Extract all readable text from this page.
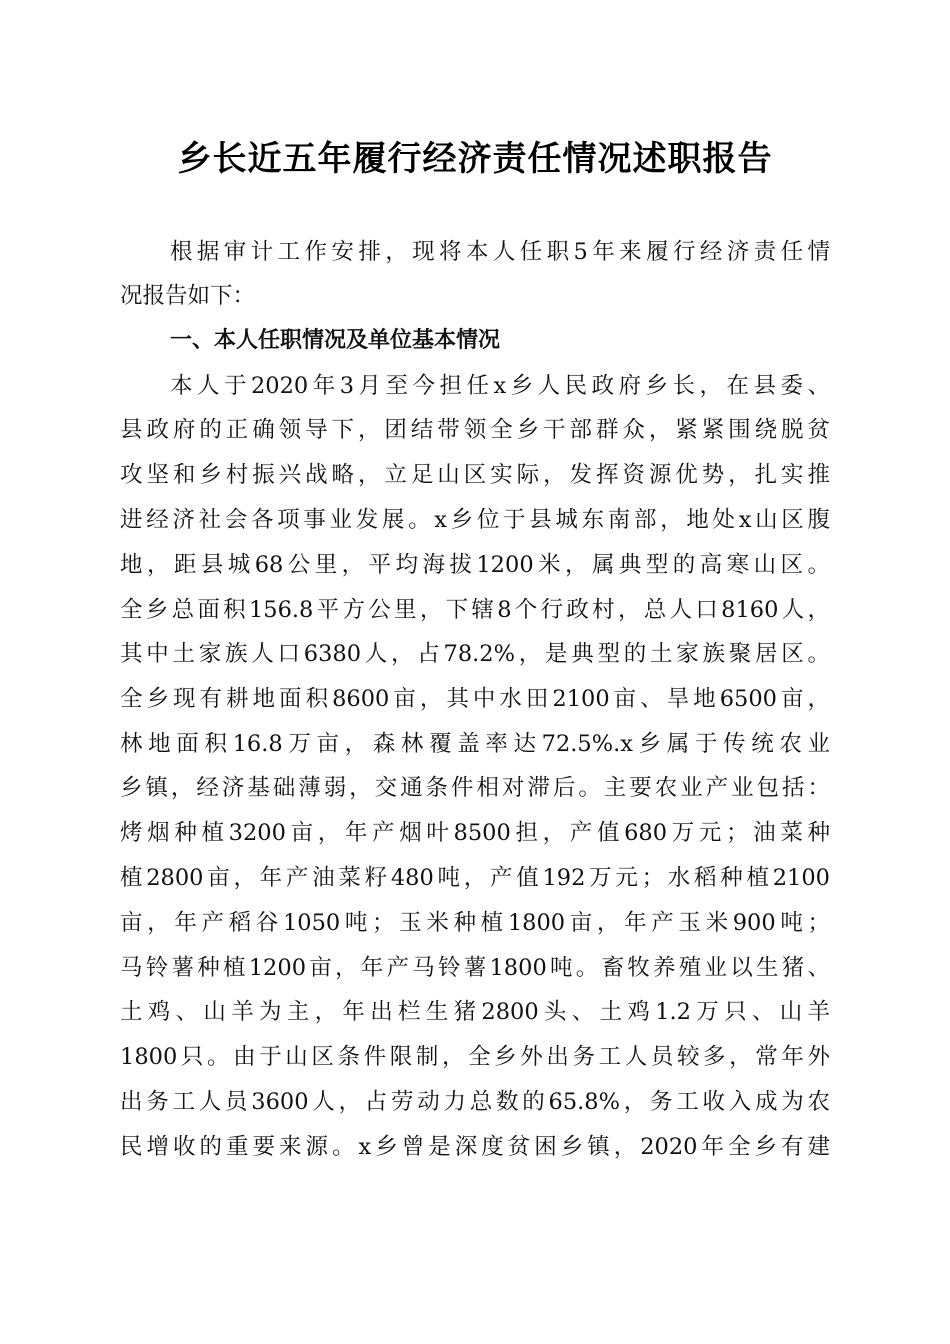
乡长近五年履行经济责任情况述职报告
根据审计工作安排，现将本人任职5年来履行经济责任情
况报告如下：
一、本人任职情况及单位基本情况
本人于2020年3月至今担任x乡人民政府乡长，在县委、
县政府的正确领导下，团结带领全乡干部群众，紧紧围绕脱贫
攻坚和乡村振兴战略，立足山区实际，发挥资源优势，扎实推
进经济社会各项事业发展。x乡位于县城东南部，地处x山区腹
地，距县城68公里，平均海拔1200米，属典型的高寒山区。
全乡总面积156.8平方公里，下辖8个行政村，总人口8160人，
其中土家族人口6380人，占78.2%，是典型的土家族聚居区。
全乡现有耕地面积8600亩，其中水田2100亩、旱地6500亩，
林地面积16.8万亩，森林覆盖率达72.5%.x乡属于传统农业
乡镇，经济基础薄弱，交通条件相对滞后。主要农业产业包括：
烤烟种植3200亩，年产烟叶8500担，产值680万元；油菜种
植2800亩，年产油菜籽480吨，产值192万元；水稻种植2100
亩，年产稻谷1050吨；玉米种植1800亩，年产玉米900吨；
马铃薯种植1200亩，年产马铃薯1800吨。畜牧养殖业以生猪、
土鸡、山羊为主，年出栏生猪2800头、土鸡1.2万只、山羊
1800只。由于山区条件限制，全乡外出务工人员较多，常年外
出务工人员3600人，占劳动力总数的65.8%，务工收入成为农
民增收的重要来源。x乡曾是深度贫困乡镇，2020年全乡有建
